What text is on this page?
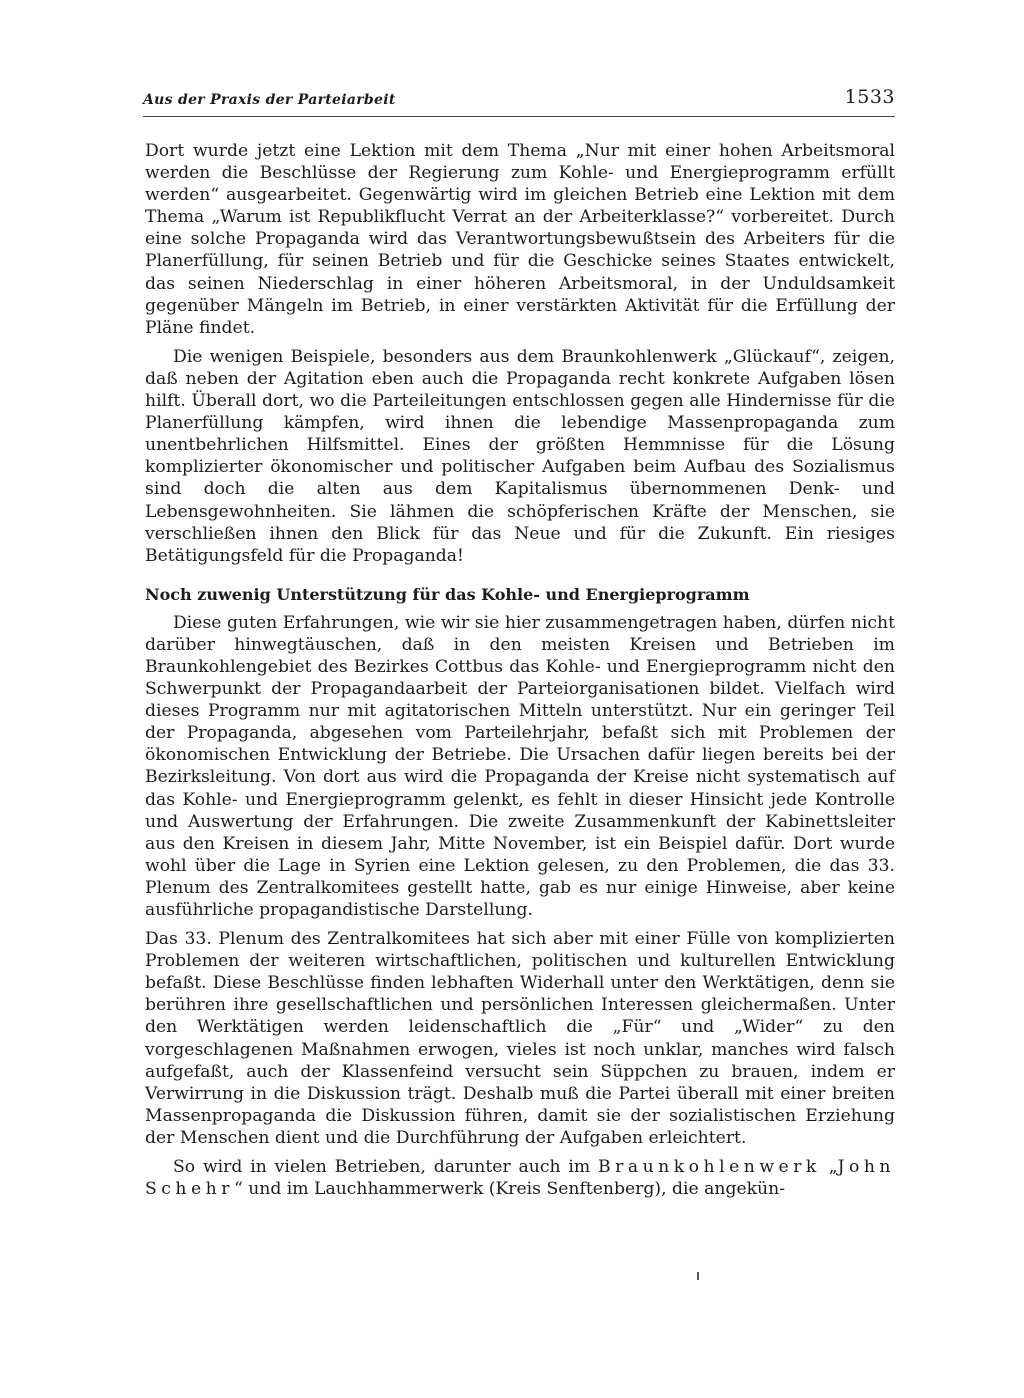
Aus der Praxis der Parteiarbeit	1533

Dort wurde jetzt eine Lektion mit dem Thema „Nur mit einer hohen Arbeitsmoral werden die Beschlüsse der Regierung zum Kohle- und Energieprogramm erfüllt werden“ ausgearbeitet. Gegenwärtig wird im gleichen Betrieb eine Lektion mit dem Thema „Warum ist Republikflucht Verrat an der Arbeiterklasse?“ vorbereitet. Durch eine solche Propaganda wird das Verantwortungsbewußtsein des Arbeiters für die Planerfüllung, für seinen Betrieb und für die Geschicke seines Staates entwickelt, das seinen Niederschlag in einer höheren Arbeitsmoral, in der Unduldsamkeit gegenüber Mängeln im Betrieb, in einer verstärkten Aktivität für die Erfüllung der Pläne findet.

Die wenigen Beispiele, besonders aus dem Braunkohlenwerk „Glückauf“, zeigen, daß neben der Agitation eben auch die Propaganda recht konkrete Aufgaben lösen hilft. Überall dort, wo die Parteileitungen entschlossen gegen alle Hindernisse für die Planerfüllung kämpfen, wird ihnen die lebendige Massenpropaganda zum unentbehrlichen Hilfsmittel. Eines der größten Hemmnisse für die Lösung komplizierter ökonomischer und politischer Aufgaben beim Aufbau des Sozialismus sind doch die alten aus dem Kapitalismus übernommenen Denk- und Lebensgewohnheiten. Sie lähmen die schöpferischen Kräfte der Menschen, sie verschließen ihnen den Blick für das Neue und für die Zukunft. Ein riesiges Betätigungsfeld für die Propaganda!

Noch zuwenig Unterstützung für das Kohle- und Energieprogramm

Diese guten Erfahrungen, wie wir sie hier zusammengetragen haben, dürfen nicht darüber hinwegtäuschen, daß in den meisten Kreisen und Betrieben im Braunkohlengebiet des Bezirkes Cottbus das Kohle- und Energieprogramm nicht den Schwerpunkt der Propagandaarbeit der Parteiorganisationen bildet. Vielfach wird dieses Programm nur mit agitatorischen Mitteln unterstützt. Nur ein geringer Teil der Propaganda, abgesehen vom Parteilehrjahr, befaßt sich mit Problemen der ökonomischen Entwicklung der Betriebe. Die Ursachen dafür liegen bereits bei der Bezirksleitung. Von dort aus wird die Propaganda der Kreise nicht systematisch auf das Kohle- und Energieprogramm gelenkt, es fehlt in dieser Hinsicht jede Kontrolle und Auswertung der Erfahrungen. Die zweite Zusammenkunft der Kabinettsleiter aus den Kreisen in diesem Jahr, Mitte November, ist ein Beispiel dafür. Dort wurde wohl über die Lage in Syrien eine Lektion gelesen, zu den Problemen, die das 33. Plenum des Zentralkomitees gestellt hatte, gab es nur einige Hinweise, aber keine ausführliche propagandistische Darstellung.

Das 33. Plenum des Zentralkomitees hat sich aber mit einer Fülle von komplizierten Problemen der weiteren wirtschaftlichen, politischen und kulturellen Entwicklung befaßt. Diese Beschlüsse finden lebhaften Widerhall unter den Werktätigen, denn sie berühren ihre gesellschaftlichen und persönlichen Interessen gleichermaßen. Unter den Werktätigen werden leidenschaftlich die „Für“ und „Wider“ zu den vorgeschlagenen Maßnahmen erwogen, vieles ist noch unklar, manches wird falsch aufgefaßt, auch der Klassenfeind versucht sein Süppchen zu brauen, indem er Verwirrung in die Diskussion trägt. Deshalb muß die Partei überall mit einer breiten Massenpropaganda die Diskussion führen, damit sie der sozialistischen Erziehung der Menschen dient und die Durchführung der Aufgaben erleichtert.

So wird in vielen Betrieben, darunter auch im Braunkohlenwerk „John Schehr“ und im Lauchhammerwerk (Kreis Senftenberg), die angekün-
